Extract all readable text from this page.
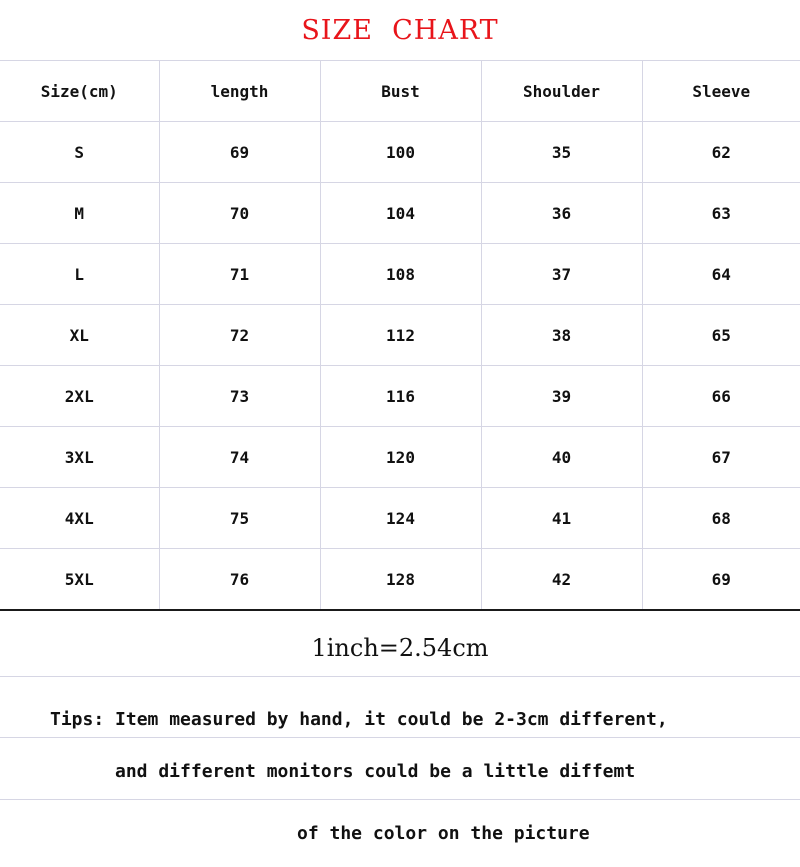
SIZE  CHART
Size(cm)	length	Bust	Shoulder	Sleeve
S	69	100	35	62
M	70	104	36	63
L	71	108	37	64
XL	72	112	38	65
2XL	73	116	39	66
3XL	74	120	40	67
4XL	75	124	41	68
5XL	76	128	42	69
1inch=2.54cm
Tips: Item measured by hand, it could be 2-3cm different,
and different monitors could be a little diffemt
of the color on the picture
